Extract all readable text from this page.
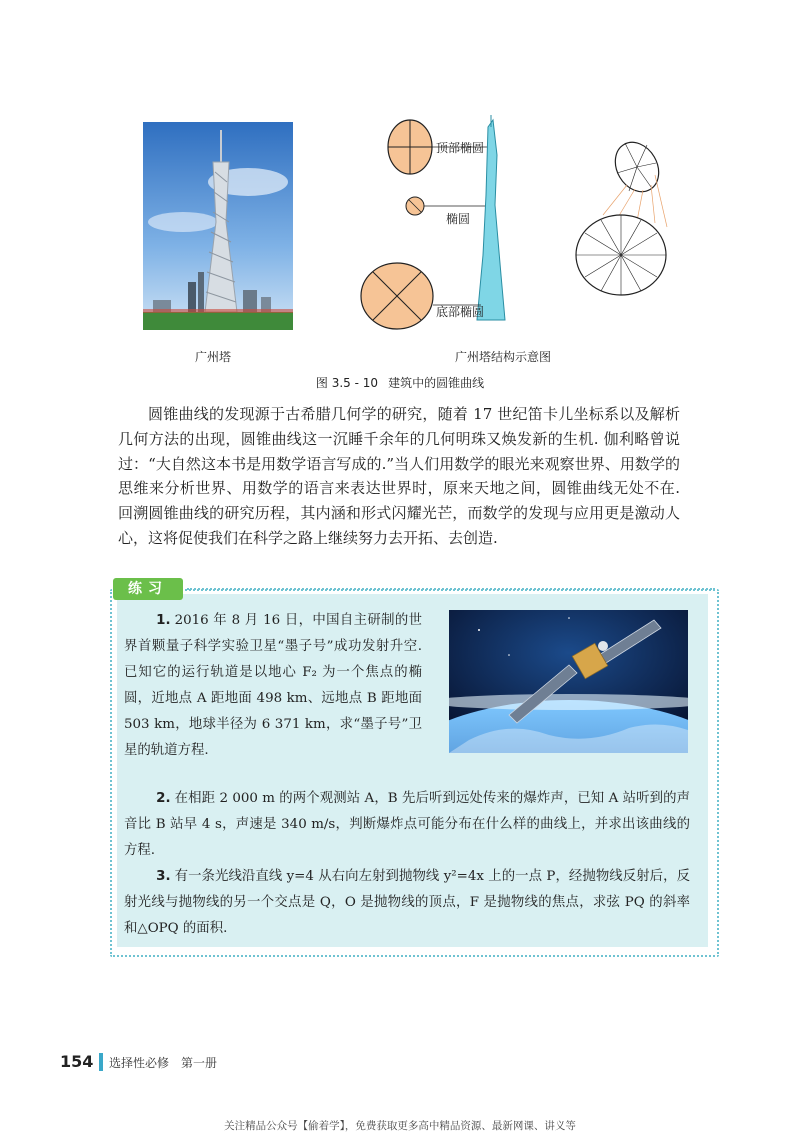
顶部椭圆
椭圆
底部椭圆
广州塔	广州塔结构示意图
图 3.5 - 10 建筑中的圆锥曲线

圆锥曲线的发现源于古希腊几何学的研究，随着 17 世纪笛卡儿坐标系以及解析几何方法的出现，圆锥曲线这一沉睡千余年的几何明珠又焕发新的生机. 伽利略曾说过：“大自然这本书是用数学语言写成的.”当人们用数学的眼光来观察世界、用数学的思维来分析世界、用数学的语言来表达世界时，原来天地之间，圆锥曲线无处不在. 回溯圆锥曲线的研究历程，其内涵和形式闪耀光芒，而数学的发现与应用更是激动人心，这将促使我们在科学之路上继续努力去开拓、去创造.

练习

1. 2016 年 8 月 16 日，中国自主研制的世界首颗量子科学实验卫星“墨子号”成功发射升空. 已知它的运行轨道是以地心 F₂ 为一个焦点的椭圆，近地点 A 距地面 498 km、远地点 B 距地面 503 km，地球半径为 6 371 km，求“墨子号”卫星的轨道方程.

2. 在相距 2 000 m 的两个观测站 A，B 先后听到远处传来的爆炸声，已知 A 站听到的声音比 B 站早 4 s，声速是 340 m/s，判断爆炸点可能分布在什么样的曲线上，并求出该曲线的方程.

3. 有一条光线沿直线 y=4 从右向左射到抛物线 y²=4x 上的一点 P，经抛物线反射后，反射光线与抛物线的另一个交点是 Q，O 是抛物线的顶点，F 是抛物线的焦点，求弦 PQ 的斜率和△OPQ 的面积.

154 选择性必修　第一册
关注精品公众号【偷着学】，免费获取更多高中精品资源、最新网课、讲义等
